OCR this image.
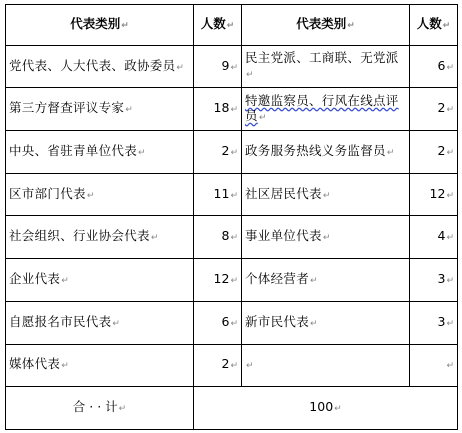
代表类别↵	人数↵	代表类别↵	人数↵
党代表、人大代表、政协委员↵	9↵	民主党派、工商联、无党派↵	6↵
第三方督查评议专家↵	18↵	特邀监察员、行风在线点评员↵	2↵
中央、省驻青单位代表↵	2↵	政务服务热线义务监督员↵	2↵
区市部门代表↵	11↵	社区居民代表↵	12↵
社会组织、行业协会代表↵	8↵	事业单位代表↵	4↵
企业代表↵	12↵	个体经营者↵	3↵
自愿报名市民代表↵	6↵	新市民代表↵	3↵
媒体代表↵	2↵	↵	↵
合 · · 计↵	100↵		
